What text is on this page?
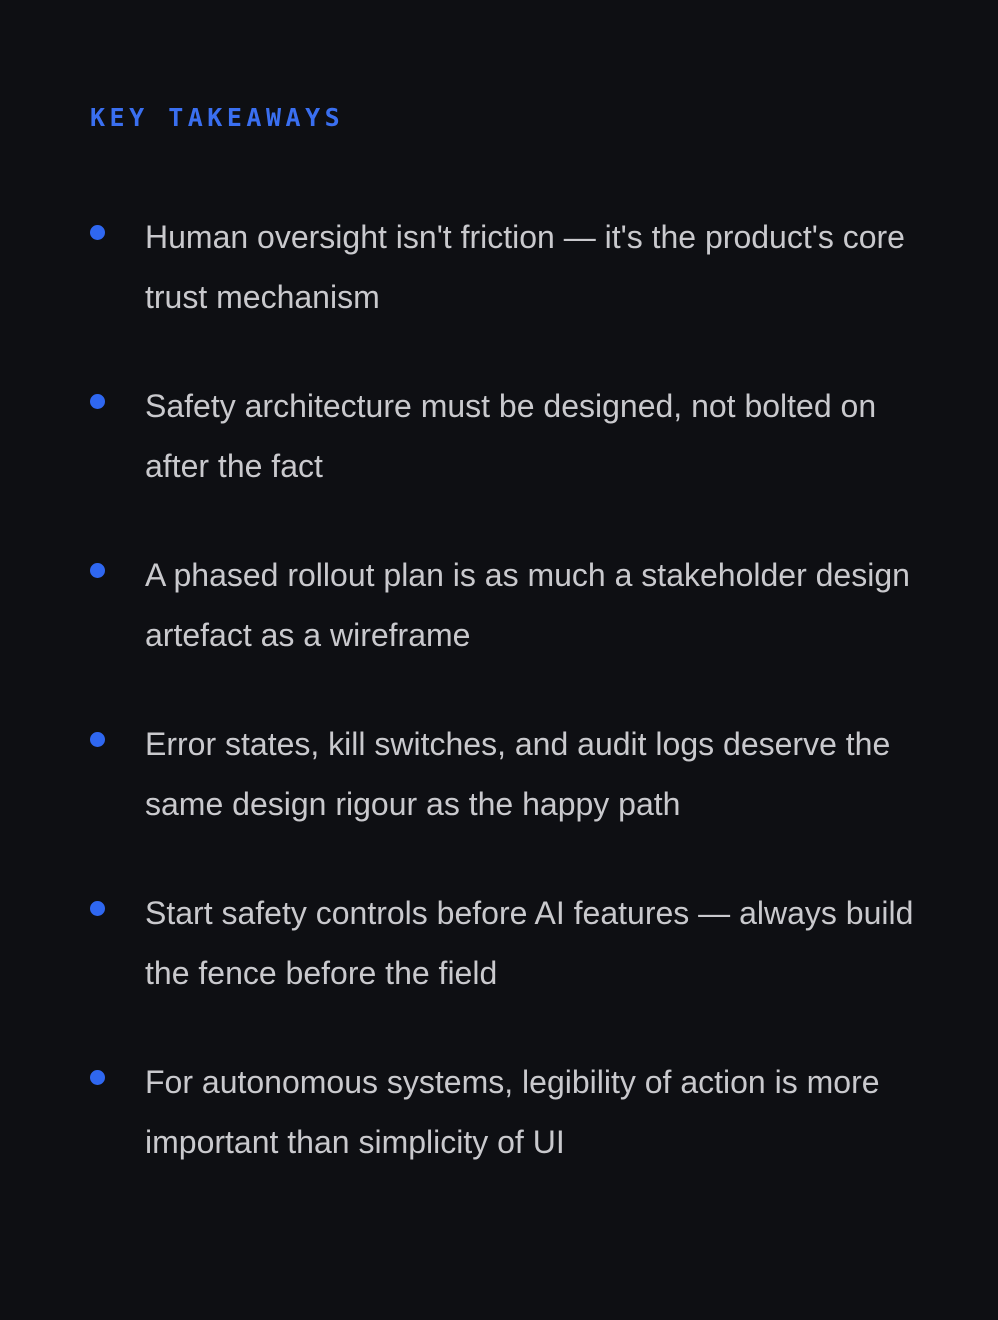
KEY TAKEAWAYS

Human oversight isn't friction — it's the product's core trust mechanism

Safety architecture must be designed, not bolted on after the fact

A phased rollout plan is as much a stakeholder design artefact as a wireframe

Error states, kill switches, and audit logs deserve the same design rigour as the happy path

Start safety controls before AI features — always build the fence before the field

For autonomous systems, legibility of action is more important than simplicity of UI
